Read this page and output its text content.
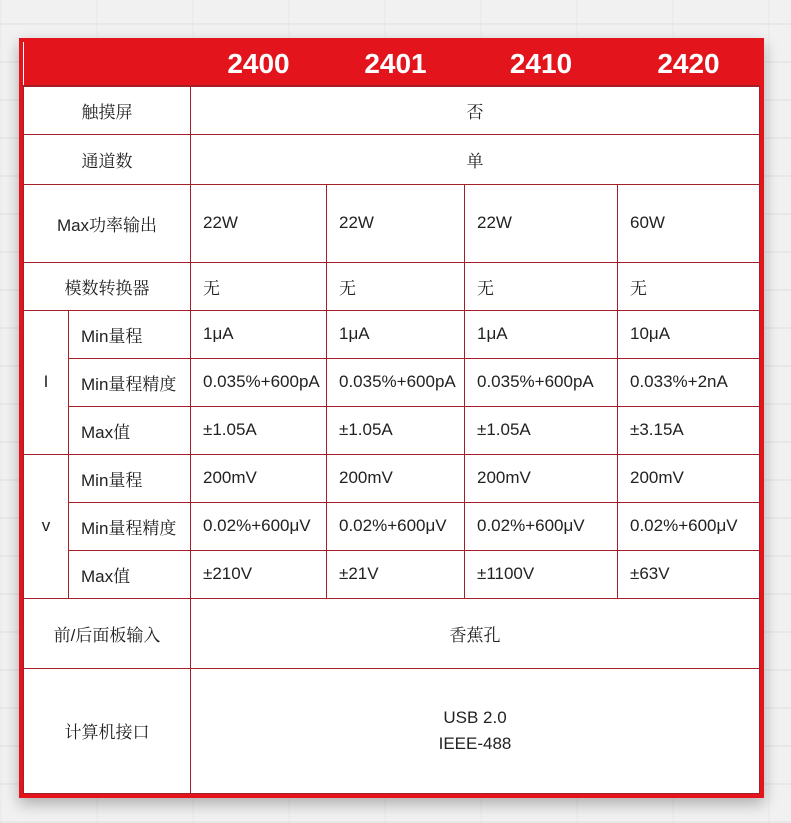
		2400	2401	2410	2420
触摸屏		否			
通道数		单			
Max功率输出		22W	22W	22W	60W
模数转换器		无	无	无	无
I	Min量程	1μA	1μA	1μA	10μA
	Min量程精度	0.035%+600pA	0.035%+600pA	0.035%+600pA	0.033%+2nA
	Max值	±1.05A	±1.05A	±1.05A	±3.15A
v	Min量程	200mV	200mV	200mV	200mV
	Min量程精度	0.02%+600μV	0.02%+600μV	0.02%+600μV	0.02%+600μV
	Max值	±210V	±21V	±1100V	±63V
前/后面板输入		香蕉孔			
计算机接口		USB 2.0
IEEE-488			
